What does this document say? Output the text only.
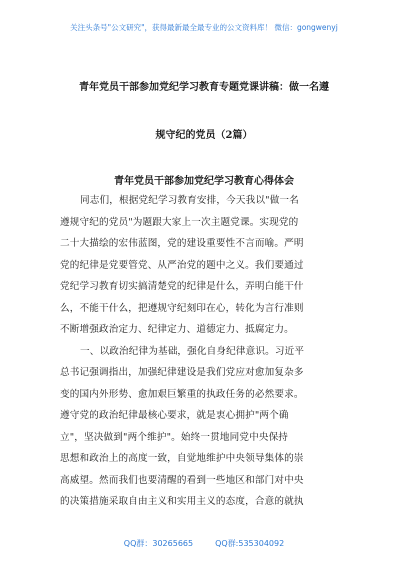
关注头条号"公文研究"，获得最新最全最专业的公文资料库！ 微信：gongwenyj
青年党员干部参加党纪学习教育专题党课讲稿：做一名遵
规守纪的党员（2篇）
青年党员干部参加党纪学习教育心得体会
同志们，根据党纪学习教育安排，今天我以"做一名
遵规守纪的党员"为题跟大家上一次主题党课。实现党的
二十大描绘的宏伟蓝图，党的建设重要性不言而喻。严明
党的纪律是党要管党、从严治党的题中之义。我们要通过
党纪学习教育切实搞清楚党的纪律是什么，弄明白能干什
么，不能干什么，把遵规守纪刻印在心，转化为言行准则
不断增强政治定力、纪律定力、道德定力、抵腐定力。
一、以政治纪律为基础，强化自身纪律意识。习近平
总书记强调指出，加强纪律建设是我们党应对愈加复杂多
变的国内外形势、愈加艰巨繁重的执政任务的必然要求。
遵守党的政治纪律最核心要求，就是衷心拥护"两个确
立"，坚决做到"两个维护"。始终一贯地同党中央保持
思想和政治上的高度一致，自觉地维护中央领导集体的崇
高威望。然而我们也要清醒的看到一些地区和部门对中央
的决策措施采取自由主义和实用主义的态度，合意的就执
QQ群：30265665	QQ群:535304092
